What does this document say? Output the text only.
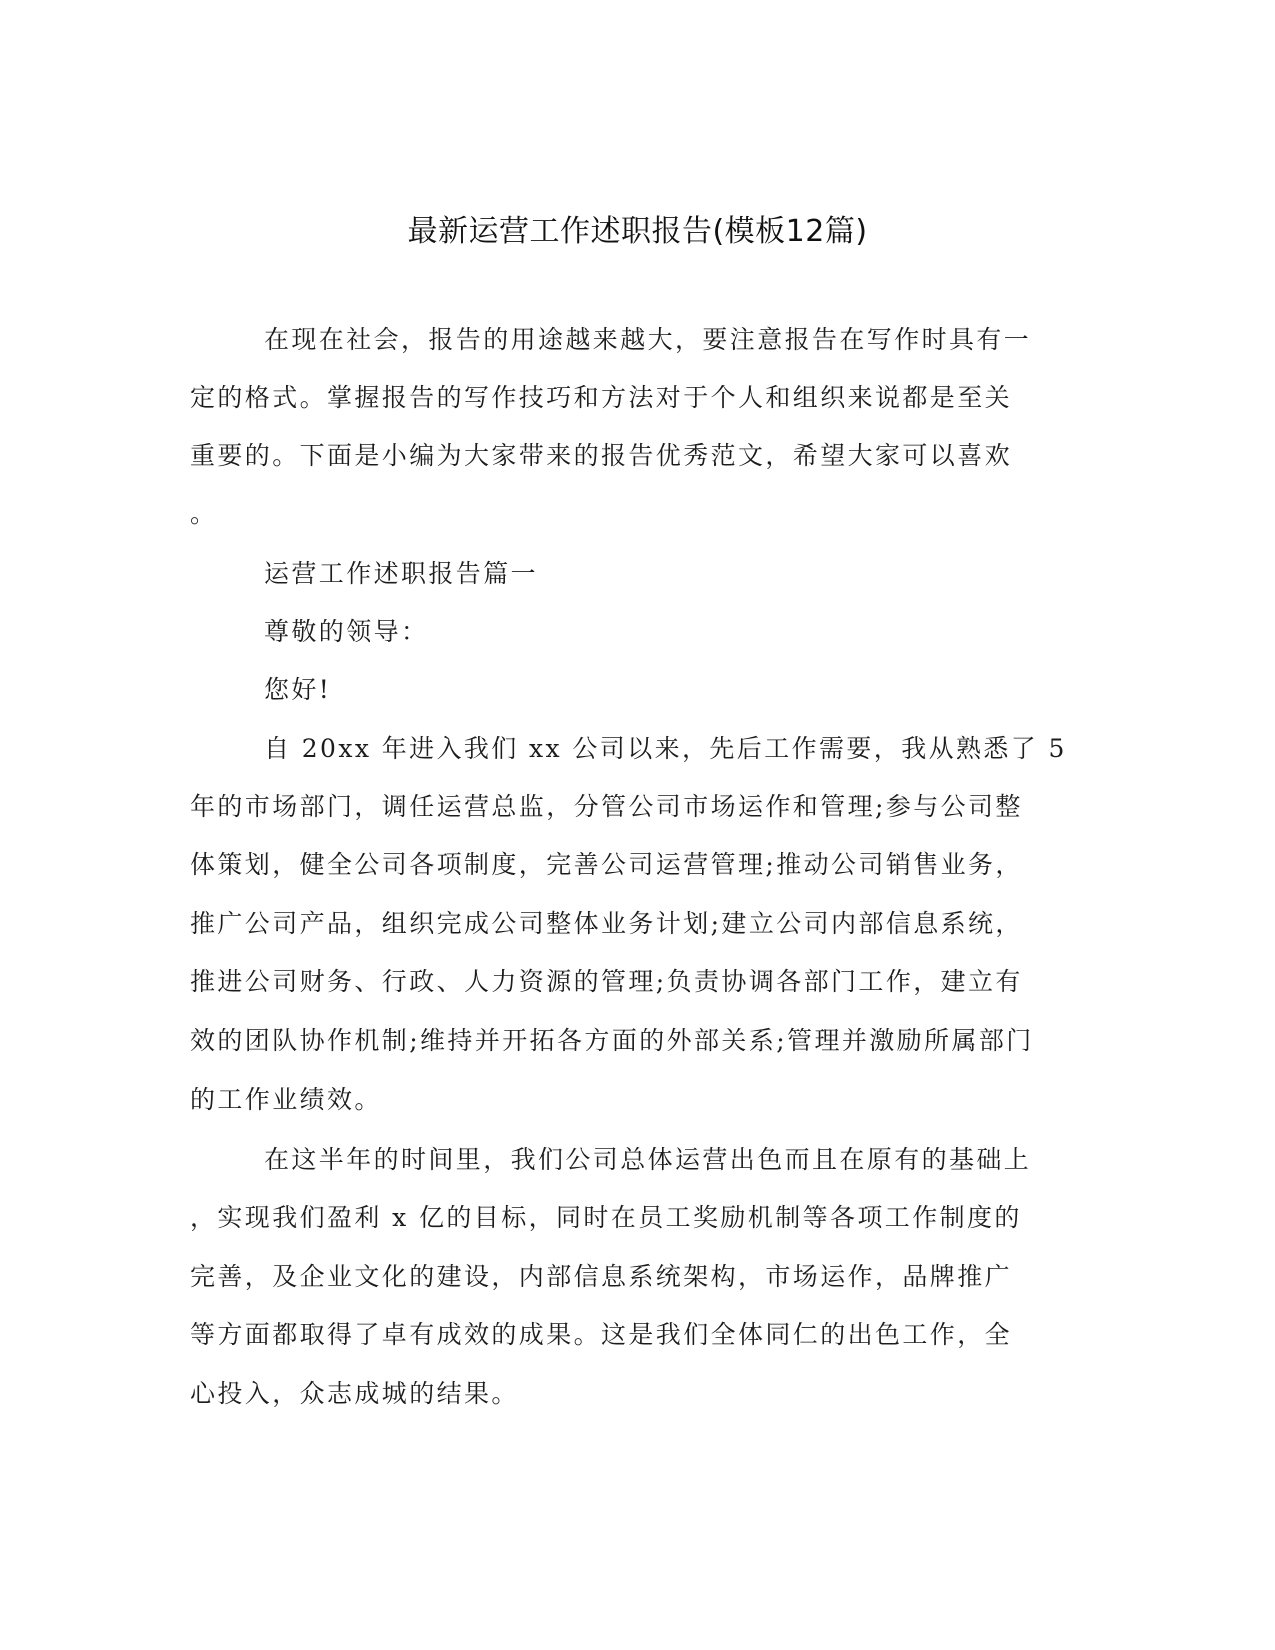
最新运营工作述职报告(模板12篇)
在现在社会，报告的用途越来越大，要注意报告在写作时具有一
定的格式。掌握报告的写作技巧和方法对于个人和组织来说都是至关
重要的。下面是小编为大家带来的报告优秀范文，希望大家可以喜欢
。
运营工作述职报告篇一
尊敬的领导：
您好!
自 20xx 年进入我们 xx 公司以来，先后工作需要，我从熟悉了 5
年的市场部门，调任运营总监，分管公司市场运作和管理;参与公司整
体策划，健全公司各项制度，完善公司运营管理;推动公司销售业务，
推广公司产品，组织完成公司整体业务计划;建立公司内部信息系统，
推进公司财务、行政、人力资源的管理;负责协调各部门工作，建立有
效的团队协作机制;维持并开拓各方面的外部关系;管理并激励所属部门
的工作业绩效。
在这半年的时间里，我们公司总体运营出色而且在原有的基础上
，实现我们盈利 x 亿的目标，同时在员工奖励机制等各项工作制度的
完善，及企业文化的建设，内部信息系统架构，市场运作，品牌推广
等方面都取得了卓有成效的成果。这是我们全体同仁的出色工作，全
心投入，众志成城的结果。
